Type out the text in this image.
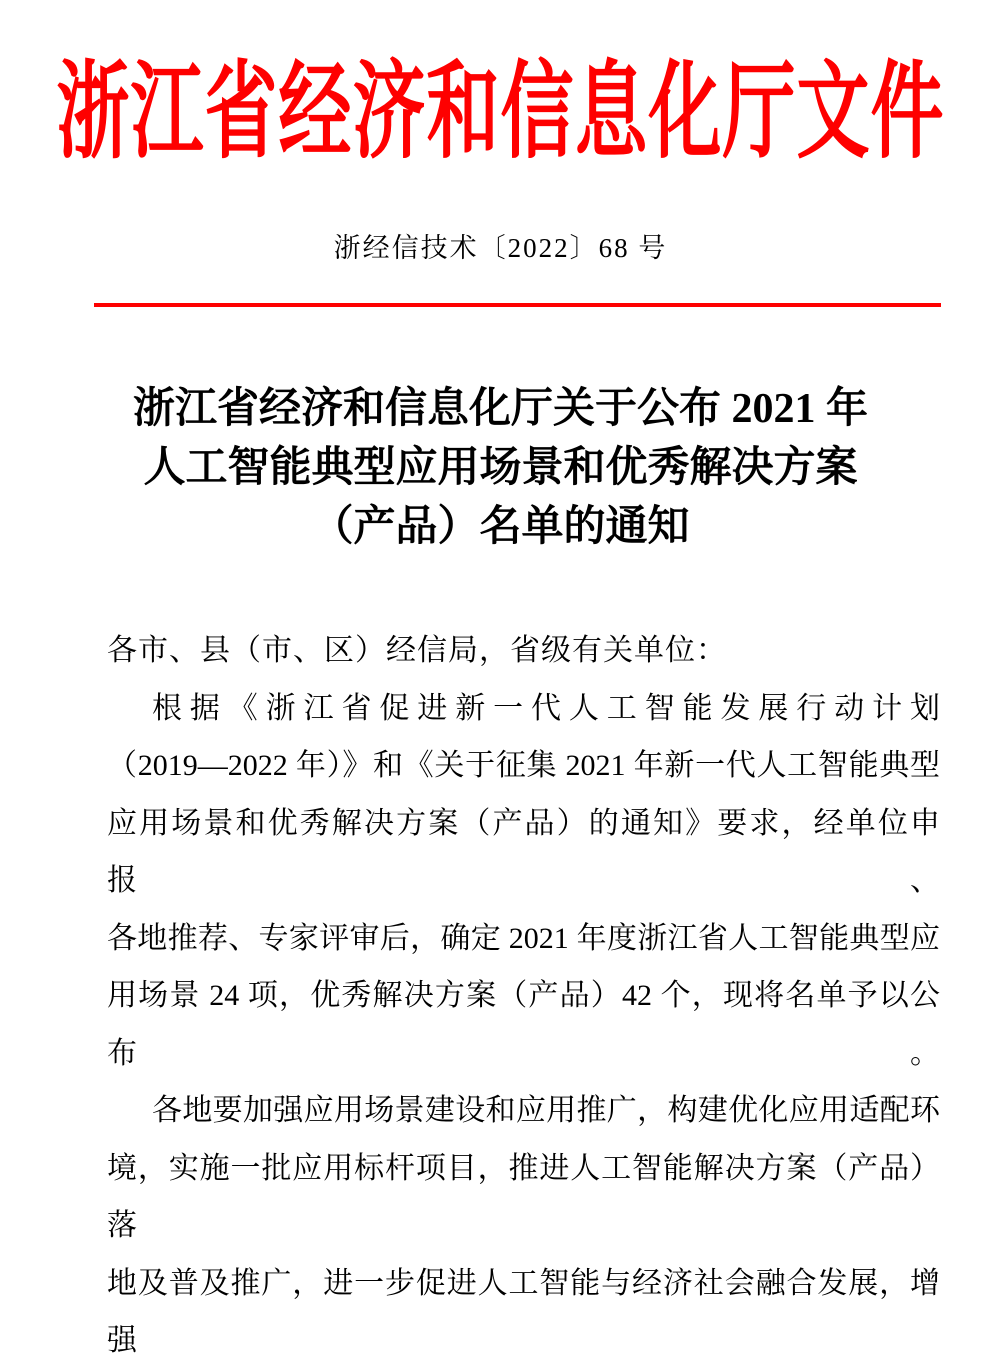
浙江省经济和信息化厅文件
浙经信技术〔2022〕68 号
浙江省经济和信息化厅关于公布 2021 年
人工智能典型应用场景和优秀解决方案
（产品）名单的通知
各市、县（市、区）经信局，省级有关单位：
根据《浙江省促进新一代人工智能发展行动计划
（2019—2022 年）》和《关于征集 2021 年新一代人工智能典型
应用场景和优秀解决方案（产品）的通知》要求，经单位申报、
各地推荐、专家评审后，确定 2021 年度浙江省人工智能典型应
用场景 24 项，优秀解决方案（产品）42 个，现将名单予以公布。
各地要加强应用场景建设和应用推广，构建优化应用适配环
境，实施一批应用标杆项目，推进人工智能解决方案（产品）落
地及普及推广，进一步促进人工智能与经济社会融合发展，增强
